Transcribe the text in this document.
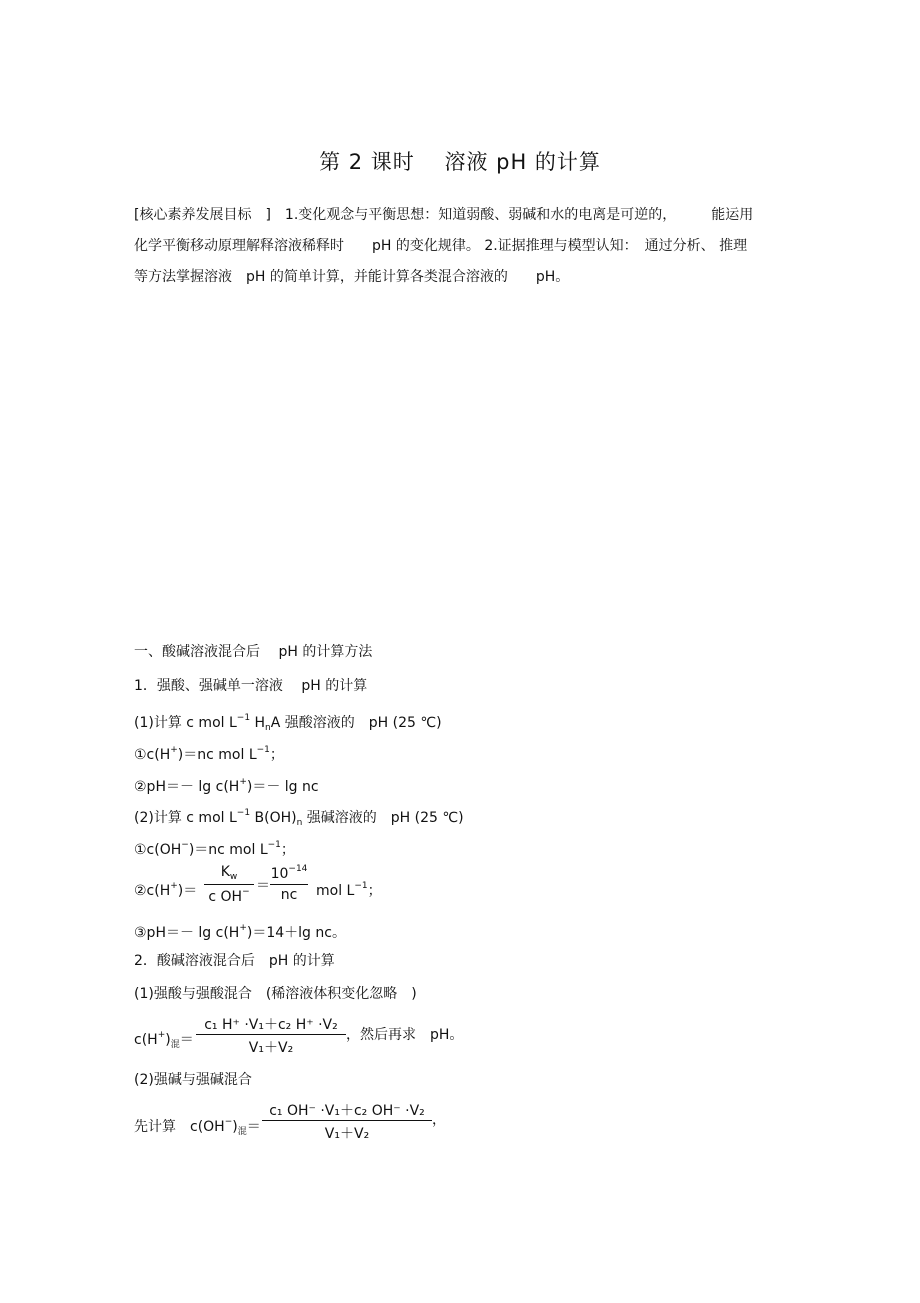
第 2 课时　 溶液 pH 的计算
[核心素养发展目标　]　1.变化观念与平衡思想：知道弱酸、弱碱和水的电离是可逆的，　　　能运用
化学平衡移动原理解释溶液稀释时　　pH 的变化规律。 2.证据推理与模型认知：　通过分析、 推理
等方法掌握溶液　pH 的简单计算，并能计算各类混合溶液的　　pH。
一、酸碱溶液混合后　 pH 的计算方法
1．强酸、强碱单一溶液　 pH 的计算
(1)计算 c mol $L^{-1}$ $H_nA$ 强酸溶液的　pH (25 ℃)
①c(H+)＝nc mol $L^{-1}$；
②pH＝－ lg c(H+)＝－ lg nc
(2)计算 c mol $L^{-1}$ $B(OH)_n$ 强碱溶液的　pH (25 ℃)
①c(OH−)＝nc mol $L^{-1}$；
②c(H+)＝
$K_w$
c OH− ＝
$10^{-14}$
nc	mol $L^{-1}$；
③pH＝－ lg c(H+)＝14＋lg nc。
2．酸碱溶液混合后　pH 的计算
(1)强酸与强酸混合　(稀溶液体积变化忽略　)
$c(H^+)_混=$
c₁ H⁺ ·V₁＋c₂ H⁺ ·V₂
V₁＋V₂
，然后再求　pH。
(2)强碱与强碱混合
先计算　$c(OH^-)_混=$
c₁ OH⁻ ·V₁＋c₂ OH⁻ ·V₂
V₁＋V₂
，
